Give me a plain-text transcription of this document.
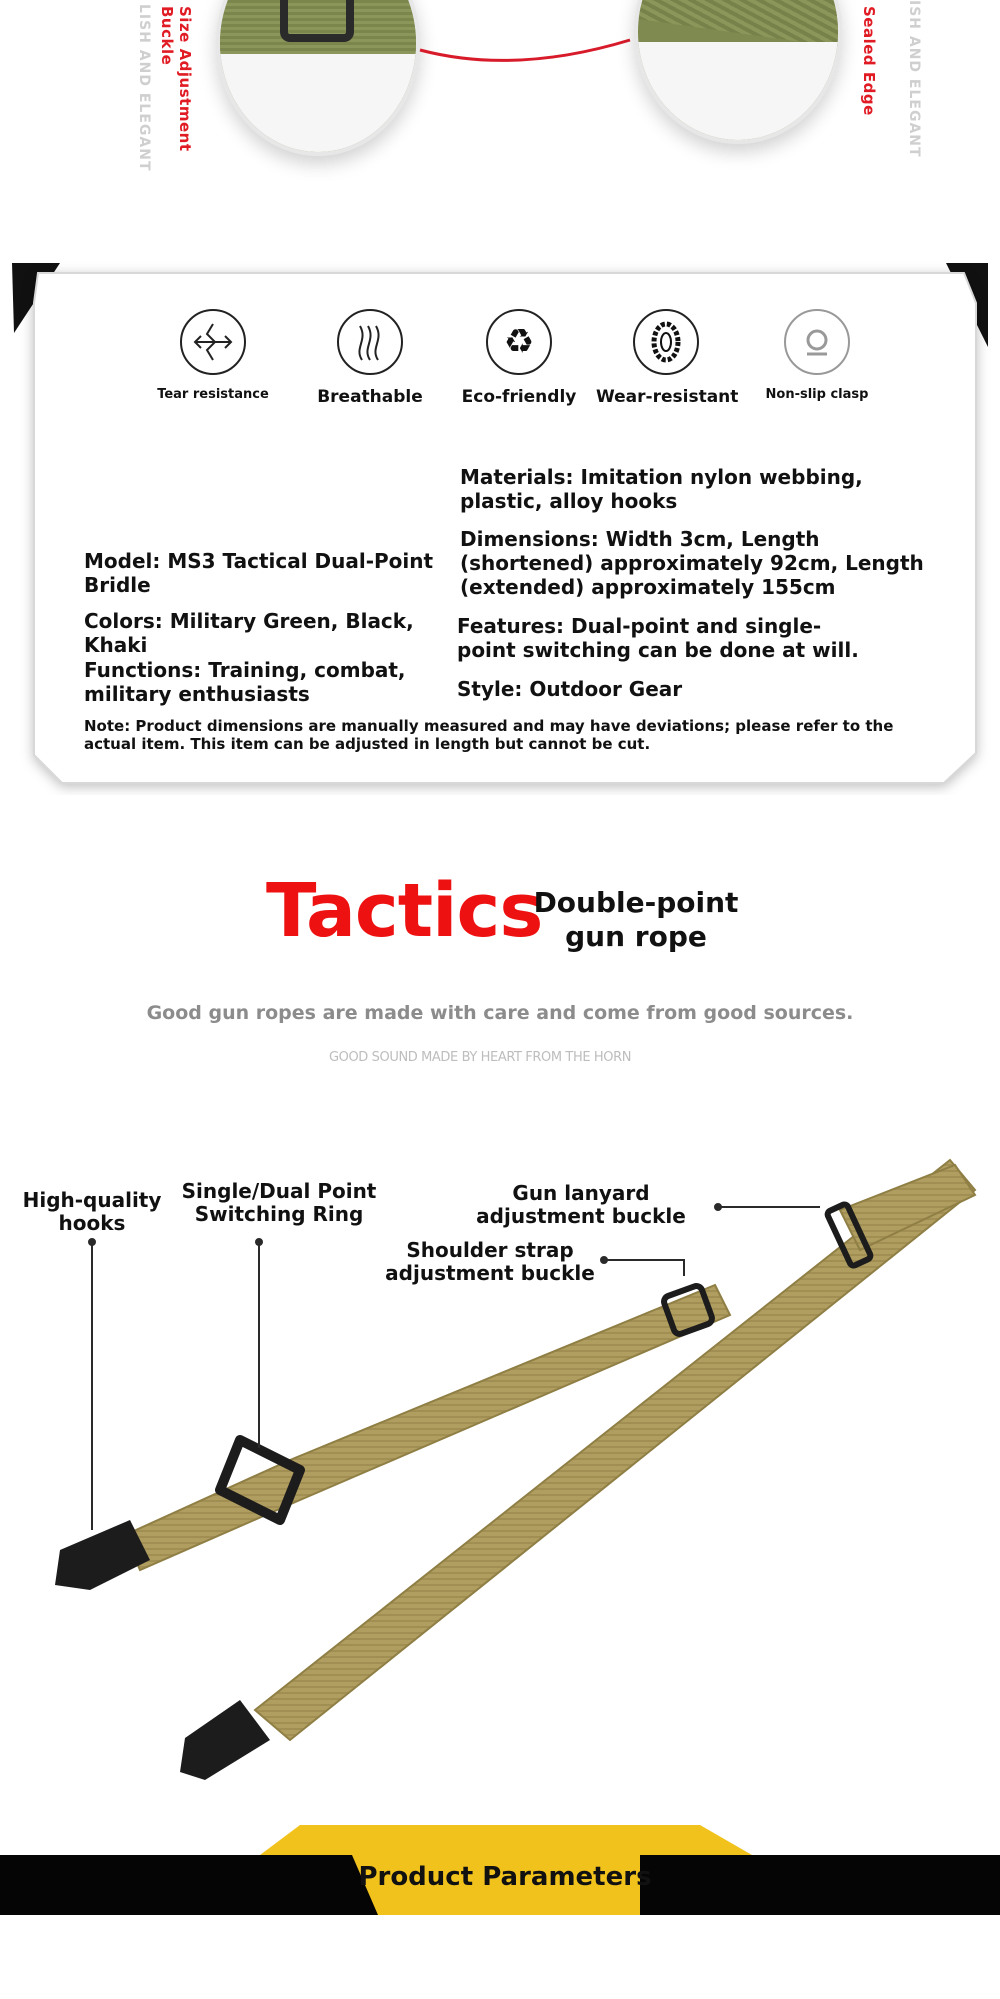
LISH AND ELEGANT	Size Adjustment Buckle	Sealed Edge ISH AND ELEGANT
Tear resistance	Breathable
♻
Eco-friendly	Wear-resistant	Non-slip clasp
Materials: Imitation nylon webbing, plastic, alloy hooks
Dimensions: Width 3cm, Length (shortened) approximately 92cm, Length (extended) approximately 155cm
Model: MS3 Tactical Dual-Point Bridle
Colors: Military Green, Black, Khaki
Features: Dual-point and single-point switching can be done at will.
Functions: Training, combat, military enthusiasts	Style: Outdoor Gear
Note: Product dimensions are manually measured and may have deviations; please refer to the actual item. This item can be adjusted in length but cannot be cut.
Tactics
Double-point gun rope
Good gun ropes are made with care and come from good sources.
GOOD SOUND MADE BY HEART FROM THE HORN
High-quality hooks
Single/Dual Point Switching Ring
Gun lanyard adjustment buckle
Shoulder strap adjustment buckle
Product Parameters
